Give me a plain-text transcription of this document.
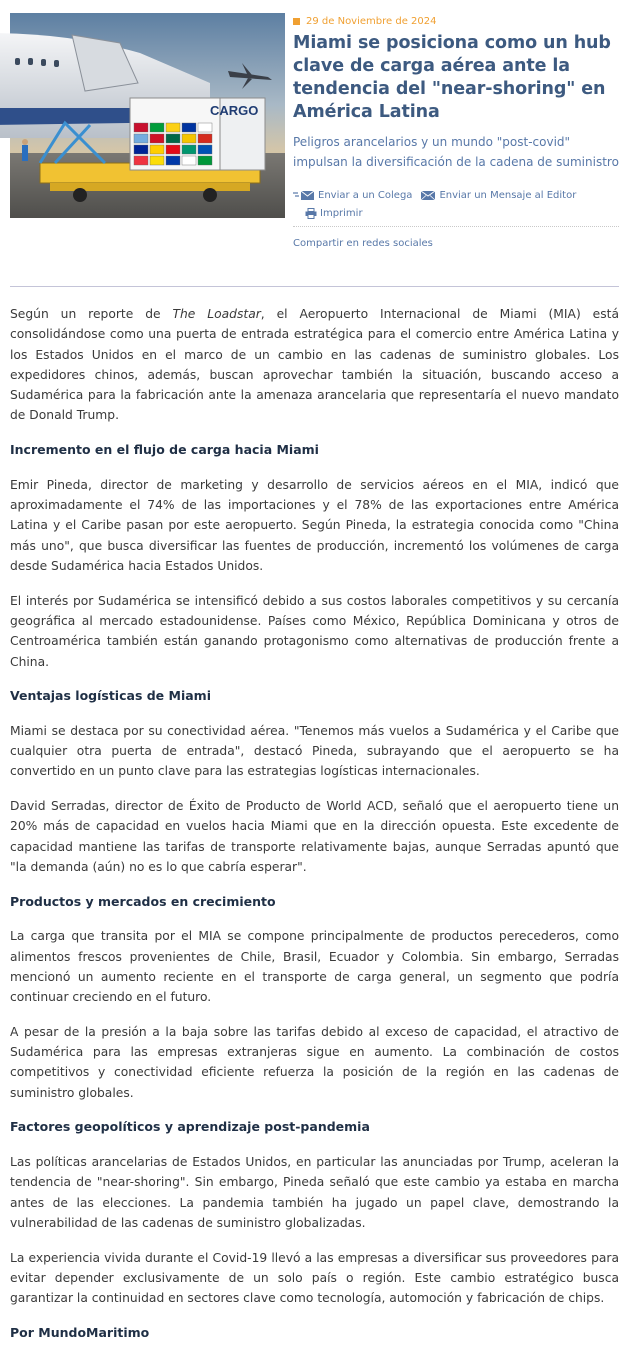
CARGO
29 de Noviembre de 2024
Miami se posiciona como un hub clave de carga aérea ante la tendencia del "near-shoring" en América Latina

Peligros arancelarios y un mundo "post-covid" impulsan la diversificación de la cadena de suministro

Enviar a un Colega	Enviar un Mensaje al Editor
Imprimir
Compartir en redes sociales

Según un reporte de The Loadstar, el Aeropuerto Internacional de Miami (MIA) está consolidándose como una puerta de entrada estratégica para el comercio entre América Latina y los Estados Unidos en el marco de un cambio en las cadenas de suministro globales. Los expedidores chinos, además, buscan aprovechar también la situación, buscando acceso a Sudamérica para la fabricación ante la amenaza arancelaria que representaría el nuevo mandato de Donald Trump.

Incremento en el flujo de carga hacia Miami

Emir Pineda, director de marketing y desarrollo de servicios aéreos en el MIA, indicó que aproximadamente el 74% de las importaciones y el 78% de las exportaciones entre América Latina y el Caribe pasan por este aeropuerto. Según Pineda, la estrategia conocida como "China más uno", que busca diversificar las fuentes de producción, incrementó los volúmenes de carga desde Sudamérica hacia Estados Unidos.

El interés por Sudamérica se intensificó debido a sus costos laborales competitivos y su cercanía geográfica al mercado estadounidense. Países como México, República Dominicana y otros de Centroamérica también están ganando protagonismo como alternativas de producción frente a China.

Ventajas logísticas de Miami

Miami se destaca por su conectividad aérea. "Tenemos más vuelos a Sudamérica y el Caribe que cualquier otra puerta de entrada", destacó Pineda, subrayando que el aeropuerto se ha convertido en un punto clave para las estrategias logísticas internacionales.

David Serradas, director de Éxito de Producto de World ACD, señaló que el aeropuerto tiene un 20% más de capacidad en vuelos hacia Miami que en la dirección opuesta. Este excedente de capacidad mantiene las tarifas de transporte relativamente bajas, aunque Serradas apuntó que "la demanda (aún) no es lo que cabría esperar".

Productos y mercados en crecimiento

La carga que transita por el MIA se compone principalmente de productos perecederos, como alimentos frescos provenientes de Chile, Brasil, Ecuador y Colombia. Sin embargo, Serradas mencionó un aumento reciente en el transporte de carga general, un segmento que podría continuar creciendo en el futuro.

A pesar de la presión a la baja sobre las tarifas debido al exceso de capacidad, el atractivo de Sudamérica para las empresas extranjeras sigue en aumento. La combinación de costos competitivos y conectividad eficiente refuerza la posición de la región en las cadenas de suministro globales.

Factores geopolíticos y aprendizaje post-pandemia

Las políticas arancelarias de Estados Unidos, en particular las anunciadas por Trump, aceleran la tendencia de "near-shoring". Sin embargo, Pineda señaló que este cambio ya estaba en marcha antes de las elecciones. La pandemia también ha jugado un papel clave, demostrando la vulnerabilidad de las cadenas de suministro globalizadas.

La experiencia vivida durante el Covid-19 llevó a las empresas a diversificar sus proveedores para evitar depender exclusivamente de un solo país o región. Este cambio estratégico busca garantizar la continuidad en sectores clave como tecnología, automoción y fabricación de chips.

Por MundoMaritimo
